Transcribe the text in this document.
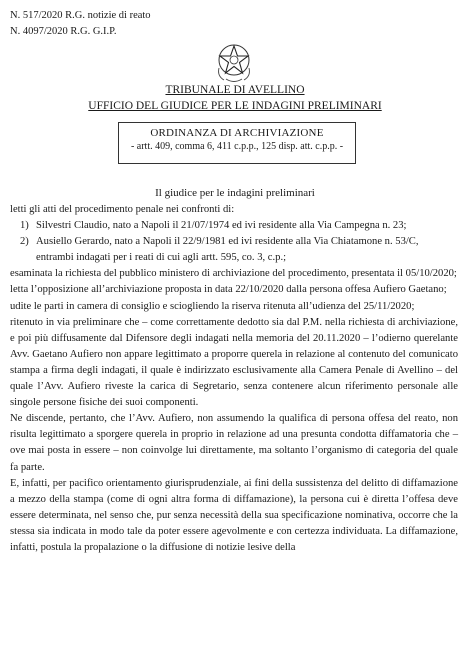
N. 517/2020 R.G. notizie di reato
N. 4097/2020 R.G. G.I.P.
TRIBUNALE DI AVELLINO
UFFICIO DEL GIUDICE PER LE INDAGINI PRELIMINARI
ORDINANZA DI ARCHIVIAZIONE
- artt. 409, comma 6, 411 c.p.p., 125 disp. att. c.p.p. -
Il giudice per le indagini preliminari

letti gli atti del procedimento penale nei confronti di:

1) Silvestri Claudio, nato a Napoli il 21/07/1974 ed ivi residente alla Via Campegna n. 23;
2) Ausiello Gerardo, nato a Napoli il 22/9/1981 ed ivi residente alla Via Chiatamone n. 53/C,

entrambi indagati per i reati di cui agli artt. 595, co. 3, c.p.;

esaminata la richiesta del pubblico ministero di archiviazione del procedimento, presentata il 05/10/2020;

letta l’opposizione all’archiviazione proposta in data 22/10/2020 dalla persona offesa Aufiero Gaetano;

udite le parti in camera di consiglio e sciogliendo la riserva ritenuta all’udienza del 25/11/2020;

ritenuto in via preliminare che – come correttamente dedotto sia dal P.M. nella richiesta di archiviazione, e poi più diffusamente dal Difensore degli indagati nella memoria del 20.11.2020 – l’odierno querelante Avv. Gaetano Aufiero non appare legittimato a proporre querela in relazione al contenuto del comunicato stampa a firma degli indagati, il quale è indirizzato esclusivamente alla Camera Penale di Avellino – del quale l’Avv. Aufiero riveste la carica di Segretario, senza contenere alcun riferimento personale alle singole persone fisiche dei suoi componenti.

Ne discende, pertanto, che l’Avv. Aufiero, non assumendo la qualifica di persona offesa del reato, non risulta legittimato a sporgere querela in proprio in relazione ad una presunta condotta diffamatoria che – ove mai posta in essere – non coinvolge lui direttamente, ma soltanto l’organismo di categoria del quale fa parte.

E, infatti, per pacifico orientamento giurisprudenziale, ai fini della sussistenza del delitto di diffamazione a mezzo della stampa (come di ogni altra forma di diffamazione), la persona cui è diretta l’offesa deve essere determinata, nel senso che, pur senza necessità della sua specificazione nominativa, occorre che la stessa sia indicata in modo tale da poter essere agevolmente e con certezza individuata. La diffamazione, infatti, postula la propalazione o la diffusione di notizie lesive della
